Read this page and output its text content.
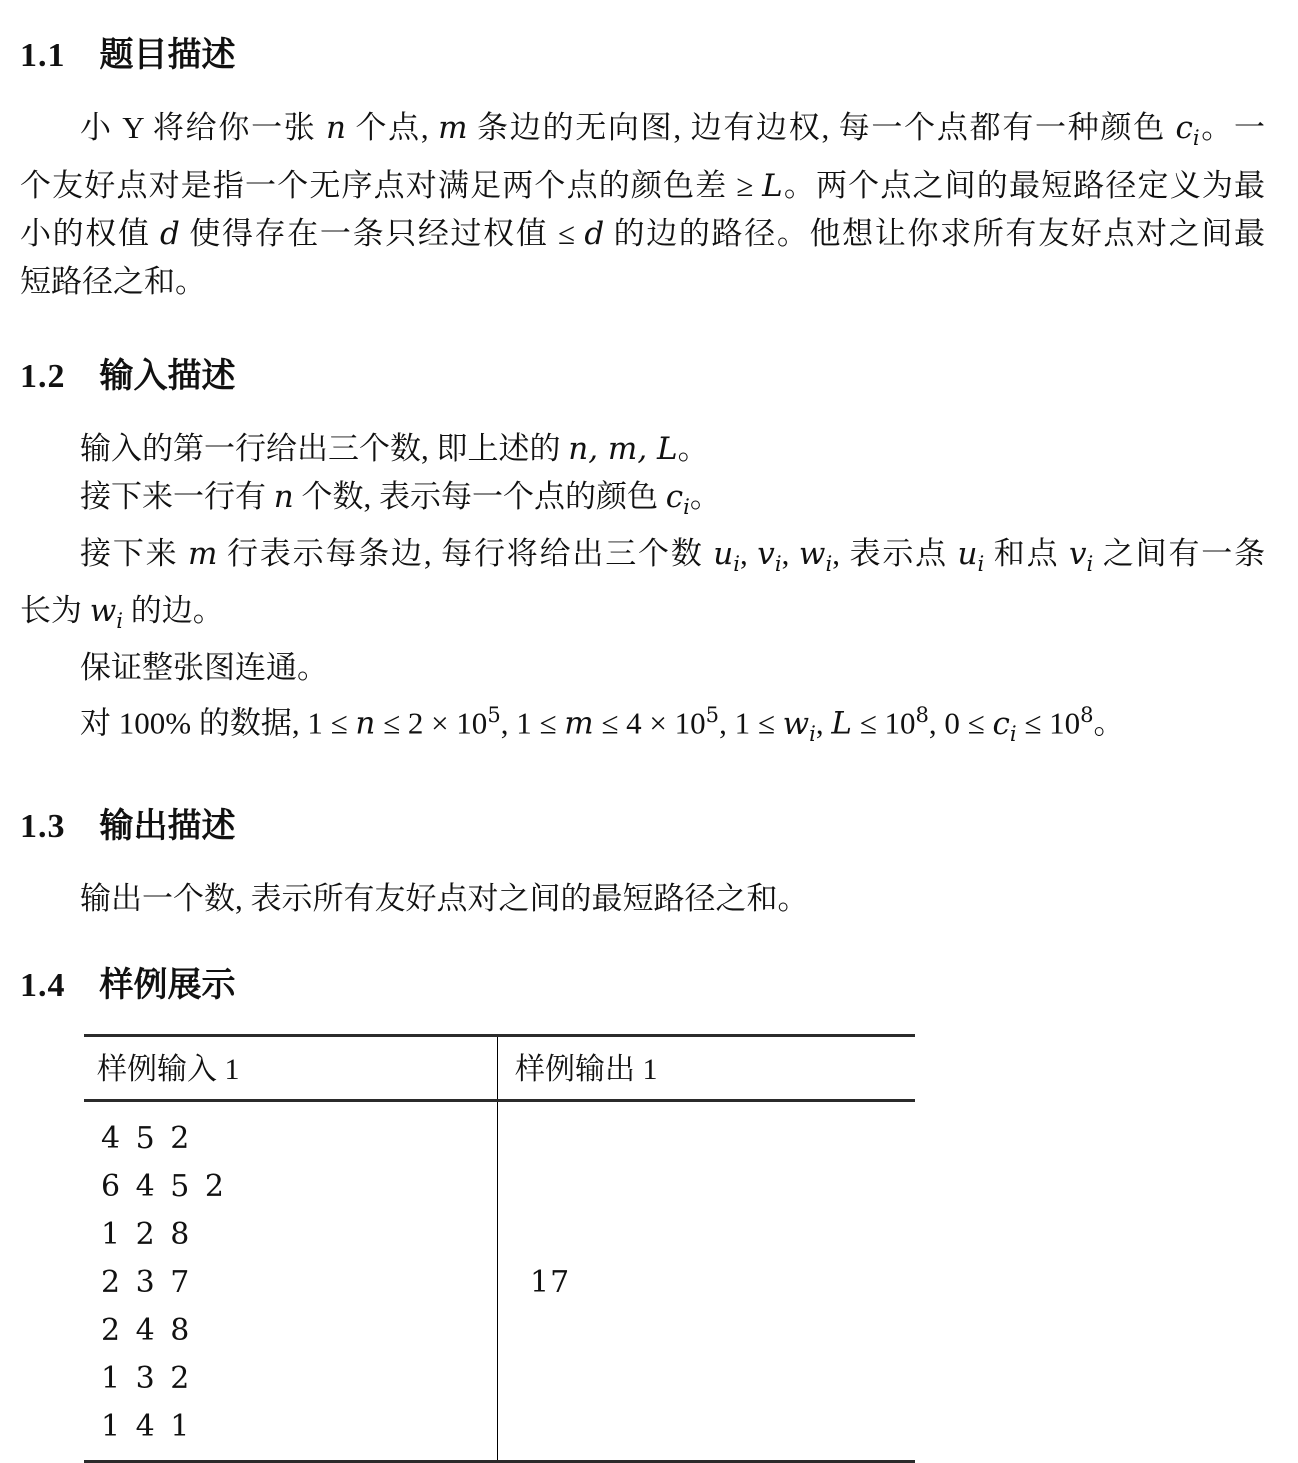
1.1 题目描述
小 Y 将给你一张 n 个点, m 条边的无向图, 边有边权, 每一个点都有一种颜色 $c_i$。一
个友好点对是指一个无序点对满足两个点的颜色差 ≥ L。两个点之间的最短路径定义为最
小的权值 d 使得存在一条只经过权值 ≤ d 的边的路径。他想让你求所有友好点对之间最
短路径之和。
1.2 输入描述
输入的第一行给出三个数, 即上述的 n, m, L。
接下来一行有 n 个数, 表示每一个点的颜色 $c_i$。
接下来 m 行表示每条边, 每行将给出三个数 $u_i$, $v_i$, $w_i$, 表示点 $u_i$ 和点 $v_i$ 之间有一条
长为 $w_i$ 的边。
保证整张图连通。
对 100% 的数据, $1 \le n \le 2 \times 10^5$, $1 \le m \le 4 \times 10^5$, $1 \le w_i$, $L \le 10^8$, $0 \le c_i \le 10^8$。
1.3 输出描述
输出一个数, 表示所有友好点对之间的最短路径之和。
1.4 样例展示
样例输入 1	样例输出 1
4 5 2
6 4 5 2
1 2 8
2 3 7
2 4 8
1 3 2
1 4 1
17
